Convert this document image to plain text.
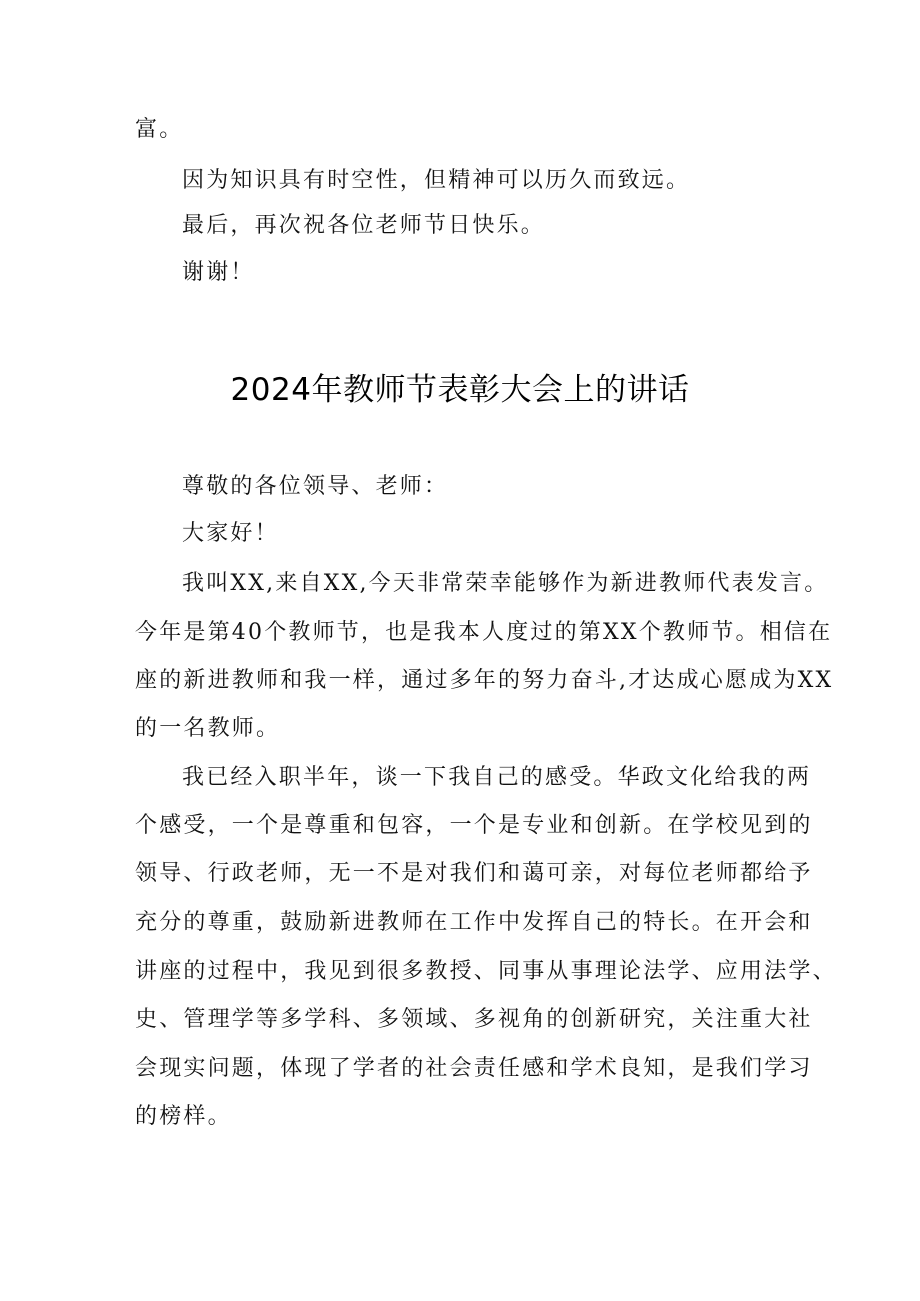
富。
因为知识具有时空性，但精神可以历久而致远。
最后，再次祝各位老师节日快乐。
谢谢！
2024年教师节表彰大会上的讲话
尊敬的各位领导、老师：
大家好！
我叫XX,来自XX,今天非常荣幸能够作为新进教师代表发言。
今年是第40个教师节，也是我本人度过的第XX个教师节。相信在
座的新进教师和我一样，通过多年的努力奋斗,才达成心愿成为XX
的一名教师。
我已经入职半年，谈一下我自己的感受。华政文化给我的两
个感受，一个是尊重和包容，一个是专业和创新。在学校见到的
领导、行政老师，无一不是对我们和蔼可亲，对每位老师都给予
充分的尊重，鼓励新进教师在工作中发挥自己的特长。在开会和
讲座的过程中，我见到很多教授、同事从事理论法学、应用法学、
史、管理学等多学科、多领域、多视角的创新研究，关注重大社
会现实问题，体现了学者的社会责任感和学术良知，是我们学习
的榜样。
